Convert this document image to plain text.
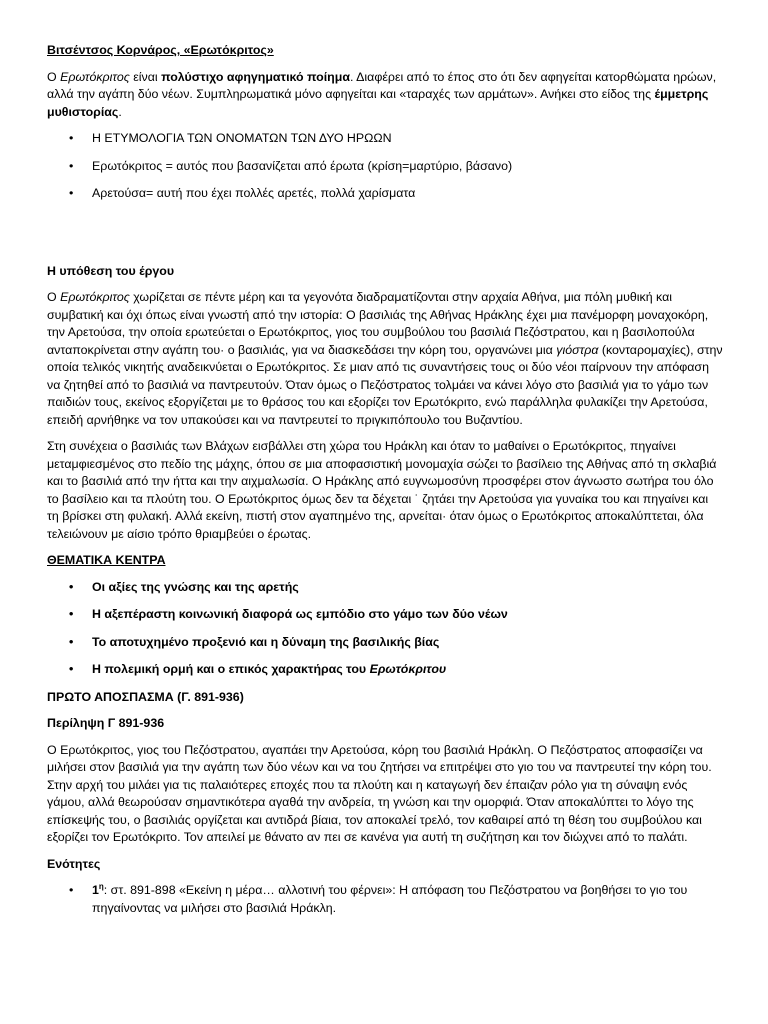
Βιτσέντσος Κορνάρος, «Ερωτόκριτος»

Ο Ερωτόκριτος είναι πολύστιχο αφηγηματικό ποίημα. Διαφέρει από το έπος στο ότι δεν αφηγείται κατορθώματα ηρώων, αλλά την αγάπη δύο νέων. Συμπληρωματικά μόνο αφηγείται και «ταραχές των αρμάτων». Ανήκει στο είδος της έμμετρης μυθιστορίας.

• Η ΕΤΥΜΟΛΟΓΙΑ ΤΩΝ ΟΝΟΜΑΤΩΝ ΤΩΝ ΔΥΟ ΗΡΩΩΝ
• Ερωτόκριτος = αυτός που βασανίζεται από έρωτα (κρίση=μαρτύριο, βάσανο)
• Αρετούσα= αυτή που έχει πολλές αρετές, πολλά χαρίσματα

Η υπόθεση του έργου

Ο Ερωτόκριτος χωρίζεται σε πέντε μέρη και τα γεγονότα διαδραματίζονται στην αρχαία Αθήνα, μια πόλη μυθική και συμβατική και όχι όπως είναι γνωστή από την ιστορία: Ο βασιλιάς της Αθήνας Ηράκλης έχει μια πανέμορφη μοναχοκόρη, την Αρετούσα, την οποία ερωτεύεται ο Ερωτόκριτος, γιος του συμβούλου του βασιλιά Πεζόστρατου, και η βασιλοπούλα ανταποκρίνεται στην αγάπη του· ο βασιλιάς, για να διασκεδάσει την κόρη του, οργανώνει μια γιόστρα (κονταρομαχίες), στην οποία τελικός νικητής αναδεικνύεται ο Ερωτόκριτος. Σε μιαν από τις συναντήσεις τους οι δύο νέοι παίρνουν την απόφαση να ζητηθεί από το βασιλιά να παντρευτούν. Όταν όμως ο Πεζόστρατος τολμάει να κάνει λόγο στο βασιλιά για το γάμο των παιδιών τους, εκείνος εξοργίζεται με το θράσος του και εξορίζει τον Ερωτόκριτο, ενώ παράλληλα φυλακίζει την Αρετούσα, επειδή αρνήθηκε να τον υπακούσει και να παντρευτεί το πριγκιπόπουλο του Βυζαντίου.

Στη συνέχεια ο βασιλιάς των Βλάχων εισβάλλει στη χώρα του Ηράκλη και όταν το μαθαίνει ο Ερωτόκριτος, πηγαίνει μεταμφιεσμένος στο πεδίο της μάχης, όπου σε μια αποφασιστική μονομαχία σώζει το βασίλειο της Αθήνας από τη σκλαβιά και το βασιλιά από την ήττα και την αιχμαλωσία. Ο Ηράκλης από ευγνωμοσύνη προσφέρει στον άγνωστο σωτήρα του όλο το βασίλειο και τα πλούτη του. Ο Ερωτόκριτος όμως δεν τα δέχεται ˙ ζητάει την Αρετούσα για γυναίκα του και πηγαίνει και τη βρίσκει στη φυλακή. Αλλά εκείνη, πιστή στον αγαπημένο της, αρνείται· όταν όμως ο Ερωτόκριτος αποκαλύπτεται, όλα τελειώνουν με αίσιο τρόπο θριαμβεύει ο έρωτας.

ΘΕΜΑΤΙΚΑ ΚΕΝΤΡΑ

• Οι αξίες της γνώσης και της αρετής
• Η αξεπέραστη κοινωνική διαφορά ως εμπόδιο στο γάμο των δύο νέων
• Το αποτυχημένο προξενιό και η δύναμη της βασιλικής βίας
• Η πολεμική ορμή και ο επικός χαρακτήρας του Ερωτόκριτου

ΠΡΩΤΟ ΑΠΟΣΠΑΣΜΑ (Γ. 891-936)

Περίληψη Γ 891-936

Ο Ερωτόκριτος, γιος του Πεζόστρατου, αγαπάει την Αρετούσα, κόρη του βασιλιά Ηράκλη. Ο Πεζόστρατος αποφασίζει να μιλήσει στον βασιλιά για την αγάπη των δύο νέων και να του ζητήσει να επιτρέψει στο γιο του να παντρευτεί την κόρη του. Στην αρχή του μιλάει για τις παλαιότερες εποχές που τα πλούτη και η καταγωγή δεν έπαιζαν ρόλο για τη σύναψη ενός γάμου, αλλά θεωρούσαν σημαντικότερα αγαθά την ανδρεία, τη γνώση και την ομορφιά. Όταν αποκαλύπτει το λόγο της επίσκεψής του, ο βασιλιάς οργίζεται και αντιδρά βίαια, τον αποκαλεί τρελό, τον καθαιρεί από τη θέση του συμβούλου και εξορίζει τον Ερωτόκριτο. Τον απειλεί με θάνατο αν πει σε κανένα για αυτή τη συζήτηση και τον διώχνει από το παλάτι.

Ενότητες

• $1^\eta$: στ. 891-898 «Εκείνη η μέρα… αλλοτινή του φέρνει»: Η απόφαση του Πεζόστρατου να βοηθήσει το γιο του πηγαίνοντας να μιλήσει στο βασιλιά Ηράκλη.
